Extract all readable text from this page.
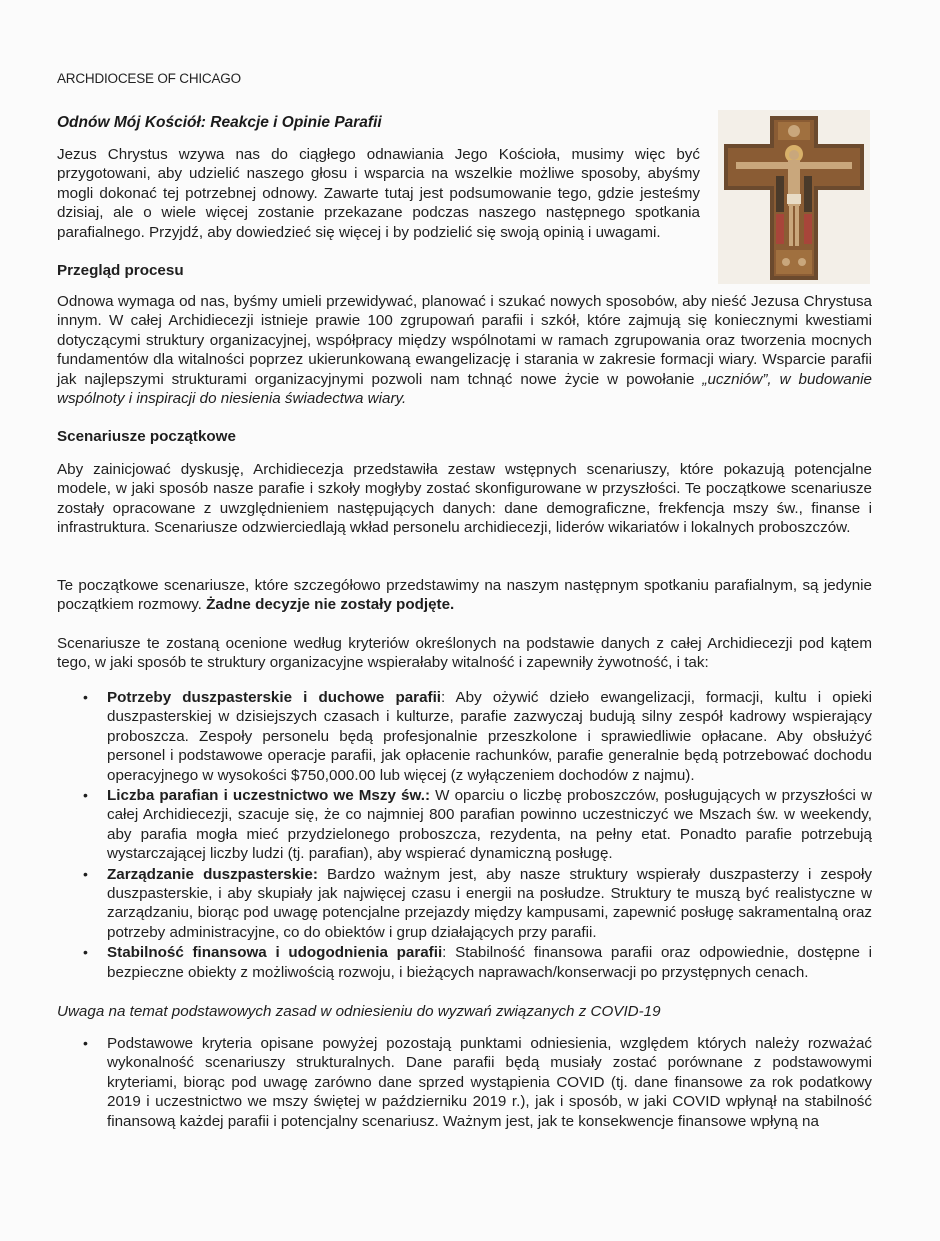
ARCHDIOCESE OF CHICAGO
Odnów Mój Kościół: Reakcje i Opinie Parafii

Jezus Chrystus wzywa nas do ciągłego odnawiania Jego Kościoła, musimy więc być przygotowani, aby udzielić naszego głosu i wsparcia na wszelkie możliwe sposoby, abyśmy mogli dokonać tej potrzebnej odnowy. Zawarte tutaj jest podsumowanie tego, gdzie jesteśmy dzisiaj, ale o wiele więcej zostanie przekazane podczas naszego następnego spotkania parafialnego. Przyjdź, aby dowiedzieć się więcej i by podzielić się swoją opinią i uwagami.

Przegląd procesu

Odnowa wymaga od nas, byśmy umieli przewidywać, planować i szukać nowych sposobów, aby nieść Jezusa Chrystusa innym. W całej Archidiecezji istnieje prawie 100 zgrupowań parafii i szkół, które zajmują się koniecznymi kwestiami dotyczącymi struktury organizacyjnej, współpracy między wspólnotami w ramach zgrupowania oraz tworzenia mocnych fundamentów dla witalności poprzez ukierunkowaną ewangelizację i starania w zakresie formacji wiary. Wsparcie parafii jak najlepszymi strukturami organizacyjnymi pozwoli nam tchnąć nowe życie w powołanie „uczniów”, w budowanie wspólnoty i inspiracji do niesienia świadectwa wiary.

Scenariusze początkowe

Aby zainicjować dyskusję, Archidiecezja przedstawiła zestaw wstępnych scenariuszy, które pokazują potencjalne modele, w jaki sposób nasze parafie i szkoły mogłyby zostać skonfigurowane w przyszłości. Te początkowe scenariusze zostały opracowane z uwzględnieniem następujących danych: dane demograficzne, frekfencja mszy św., finanse i infrastruktura. Scenariusze odzwierciedlają wkład personelu archidiecezji, liderów wikariatów i lokalnych proboszczów.

Te początkowe scenariusze, które szczegółowo przedstawimy na naszym następnym spotkaniu parafialnym, są jedynie początkiem rozmowy. Żadne decyzje nie zostały podjęte.

Scenariusze te zostaną ocenione według kryteriów określonych na podstawie danych z całej Archidiecezji pod kątem tego, w jaki sposób te struktury organizacyjne wspierałaby witalność i zapewniły żywotność, i tak:

• Potrzeby duszpasterskie i duchowe parafii: Aby ożywić dzieło ewangelizacji, formacji, kultu i opieki duszpasterskiej w dzisiejszych czasach i kulturze, parafie zazwyczaj budują silny zespół kadrowy wspierający proboszcza. Zespoły personelu będą profesjonalnie przeszkolone i sprawiedliwie opłacane. Aby obsłużyć personel i podstawowe operacje parafii, jak opłacenie rachunków, parafie generalnie będą potrzebować dochodu operacyjnego w wysokości $750,000.00 lub więcej (z wyłączeniem dochodów z najmu).
• Liczba parafian i uczestnictwo we Mszy św.: W oparciu o liczbę proboszczów, posługujących w przyszłości w całej Archidiecezji, szacuje się, że co najmniej 800 parafian powinno uczestniczyć we Mszach św. w weekendy, aby parafia mogła mieć przydzielonego proboszcza, rezydenta, na pełny etat. Ponadto parafie potrzebują wystarczającej liczby ludzi (tj. parafian), aby wspierać dynamiczną posługę.
• Zarządzanie duszpasterskie: Bardzo ważnym jest, aby nasze struktury wspierały duszpasterzy i zespoły duszpasterskie, i aby skupiały jak najwięcej czasu i energii na posłudze. Struktury te muszą być realistyczne w zarządzaniu, biorąc pod uwagę potencjalne przejazdy między kampusami, zapewnić posługę sakramentalną oraz potrzeby administracyjne, co do obiektów i grup działających przy parafii.
• Stabilność finansowa i udogodnienia parafii: Stabilność finansowa parafii oraz odpowiednie, dostępne i bezpieczne obiekty z możliwością rozwoju, i bieżących naprawach/konserwacji po przystępnych cenach.
Uwaga na temat podstawowych zasad w odniesieniu do wyzwań związanych z COVID-19
• Podstawowe kryteria opisane powyżej pozostają punktami odniesienia, względem których należy rozważać wykonalność scenariuszy strukturalnych. Dane parafii będą musiały zostać porównane z podstawowymi kryteriami, biorąc pod uwagę zarówno dane sprzed wystąpienia COVID (tj. dane finansowe za rok podatkowy 2019 i uczestnictwo we mszy świętej w październiku 2019 r.), jak i sposób, w jaki COVID wpłynął na stabilność finansową każdej parafii i potencjalny scenariusz. Ważnym jest, jak te konsekwencje finansowe wpłyną na
